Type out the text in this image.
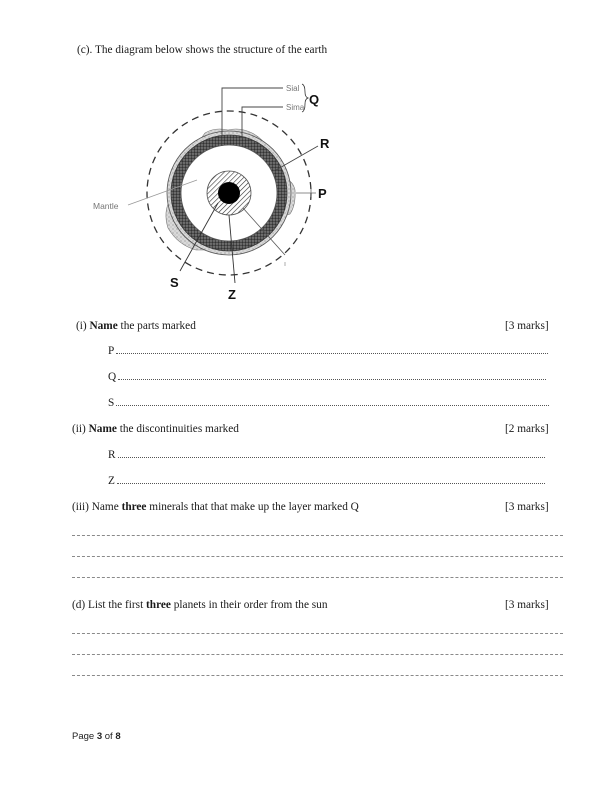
(c). The diagram below shows the structure of the earth
Sial
Sima
Q
R
P
Mantle
S
Z
(i) Name the parts marked	[3 marks]
P
Q
S
(ii) Name the discontinuities marked	[2 marks]
R
Z
(iii) Name three minerals that that make up the layer marked Q	[3 marks]
(d) List the first three planets in their order from the sun	[3 marks]
Page 3 of 8
